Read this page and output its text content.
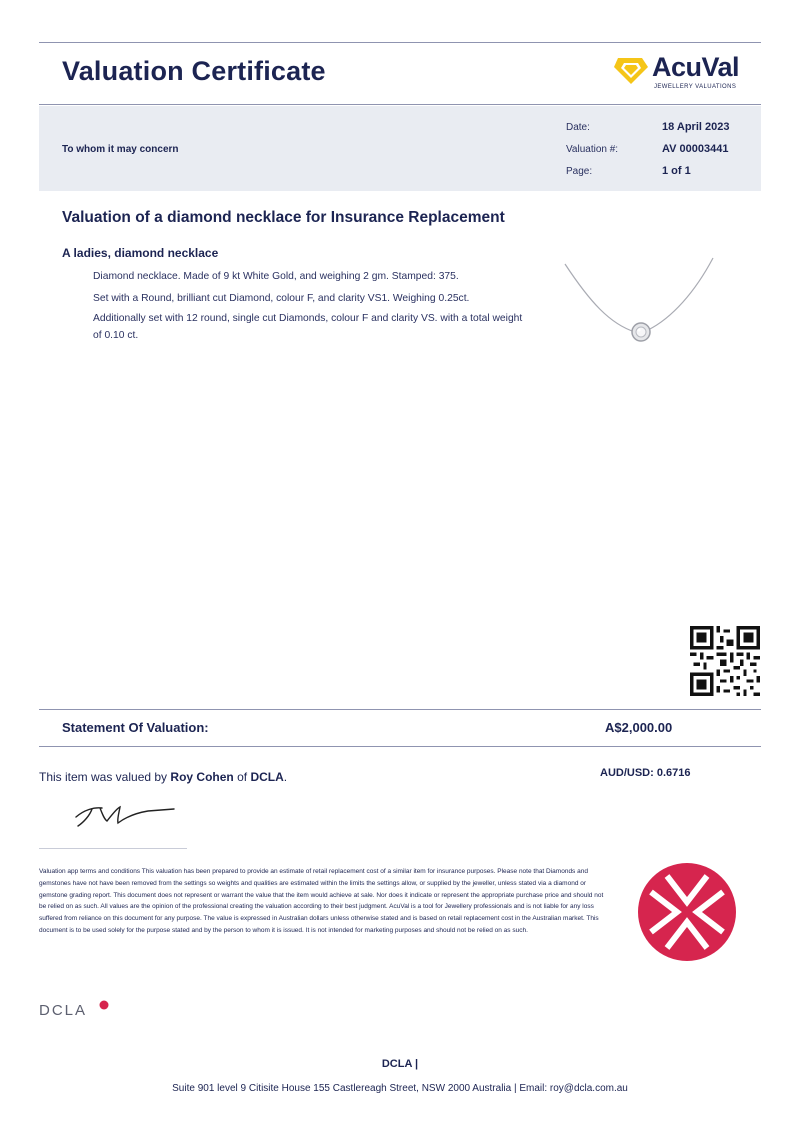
Valuation Certificate	AcuVal
JEWELLERY VALUATIONS
To whom it may concern
Date:	18 April 2023
Valuation #:	AV 00003441
Page:	1 of 1
Valuation of a diamond necklace for Insurance Replacement
A ladies, diamond necklace
Diamond necklace. Made of 9 kt White Gold, and weighing 2 gm. Stamped: 375.
Set with a Round, brilliant cut Diamond, colour F, and clarity VS1. Weighing 0.25ct.
Additionally set with 12 round, single cut Diamonds, colour F and clarity VS. with a total weight of 0.10 ct.
Statement Of Valuation:	A$2,000.00
This item was valued by Roy Cohen of DCLA.	AUD/USD: 0.6716
Valuation app terms and conditions This valuation has been prepared to provide an estimate of retail replacement cost of a similar item for insurance purposes. Please note that Diamonds and gemstones have not have been removed from the settings so weights and qualities are estimated within the limits the settings allow, or supplied by the jeweller, unless stated via a diamond or gemstone grading report. This document does not represent or warrant the value that the item would achieve at sale. Nor does it indicate or represent the appropriate purchase price and should not be relied on as such. All values are the opinion of the professional creating the valuation according to their best judgment. AcuVal is a tool for Jewellery professionals and is not liable for any loss suffered from reliance on this document for any purpose. The value is expressed in Australian dollars unless otherwise stated and is based on retail replacement cost in the Australian market. This document is to be used solely for the purpose stated and by the person to whom it is issued. It is not intended for marketing purposes and should not be relied on as such.
DCLA
DCLA |
Suite 901 level 9 Citisite House 155 Castlereagh Street, NSW 2000 Australia | Email: roy@dcla.com.au
